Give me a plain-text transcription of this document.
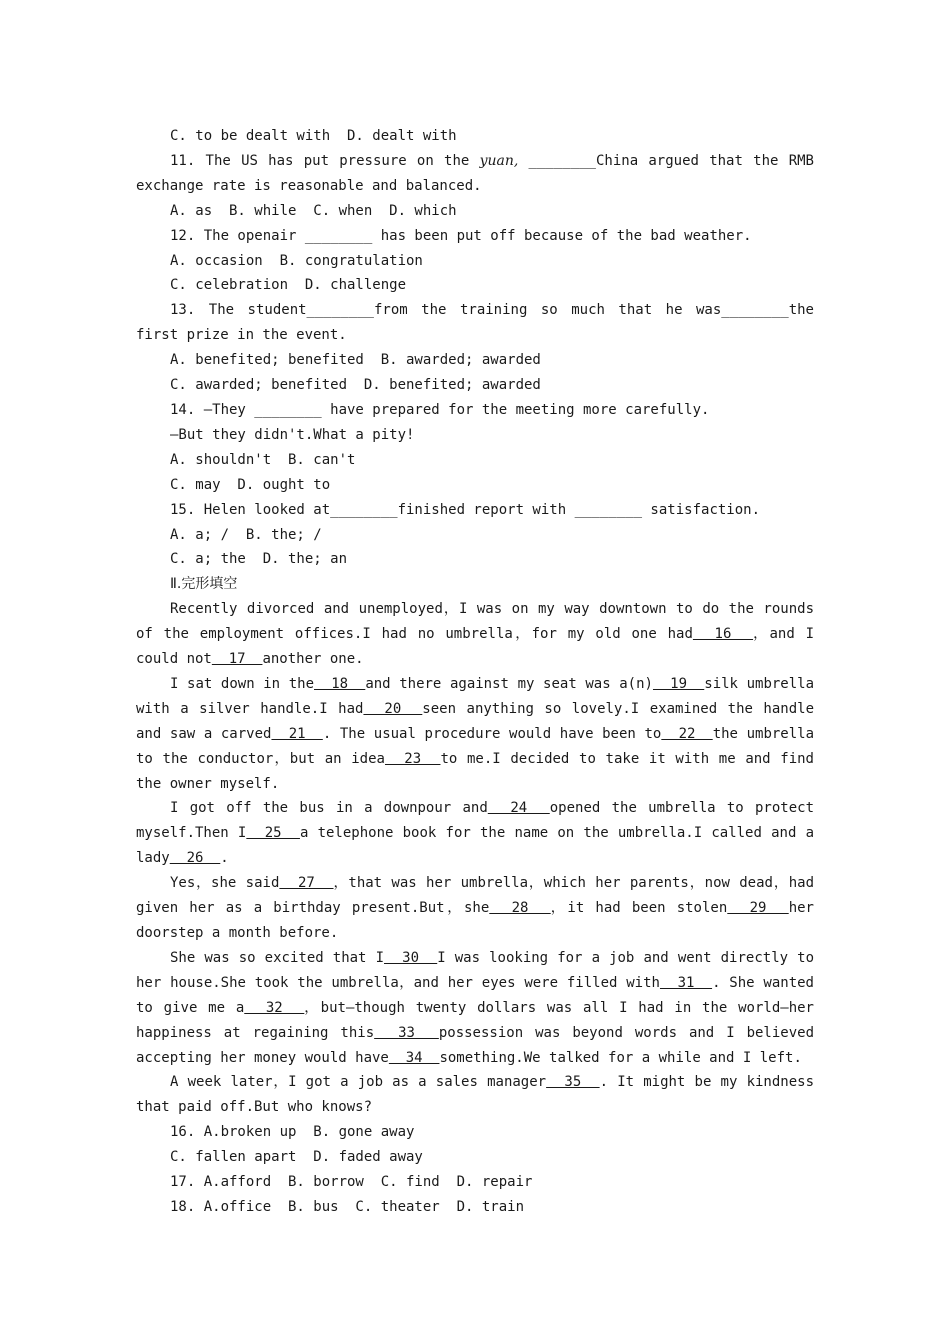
C. to be dealt with  D. dealt with
11. The US has put pressure on the yuan, ________China argued that the RMB exchange rate is reasonable and balanced.
A. as  B. while  C. when  D. which
12. The openair ________ has been put off because of the bad weather.
A. occasion  B. congratulation
C. celebration  D. challenge
13. The student________from the training so much that he was________the first prize in the event.
A. benefited; benefited  B. awarded; awarded
C. awarded; benefited  D. benefited; awarded
14. —They ________ have prepared for the meeting more carefully.
—But they didn't.What a pity!
A. shouldn't  B. can't
C. may  D. ought to
15. Helen looked at________finished report with ________ satisfaction.
A. a; /  B. the; /
C. a; the  D. the; an
Ⅱ.完形填空
Recently divorced and unemployed，I was on my way downtown to do the rounds of the employment offices.I had no umbrella，for my old one had  16  ，and I could not  17  another one.
I sat down in the  18  and there against my seat was a(n)  19  silk umbrella with a silver handle.I had  20  seen anything so lovely.I examined the handle and saw a carved  21  . The usual procedure would have been to  22  the umbrella to the conductor，but an idea  23  to me.I decided to take it with me and find the owner myself.
I got off the bus in a downpour and  24  opened the umbrella to protect myself.Then I  25  a telephone book for the name on the umbrella.I called and a lady  26  .
Yes，she said  27  ，that was her umbrella，which her parents，now dead，had given her as a birthday present.But，she  28  ，it had been stolen  29  her doorstep a month before.
She was so excited that I  30  I was looking for a job and went directly to her house.She took the umbrella，and her eyes were filled with  31  . She wanted to give me a  32  ，but—though twenty dollars was all I had in the world—her happiness at regaining this  33  possession was beyond words and I believed accepting her money would have  34  something.We talked for a while and I left.
A week later，I got a job as a sales manager  35  . It might be my kindness that paid off.But who knows?
16. A.broken up  B. gone away
C. fallen apart  D. faded away
17. A.afford  B. borrow  C. find  D. repair
18. A.office  B. bus  C. theater  D. train
